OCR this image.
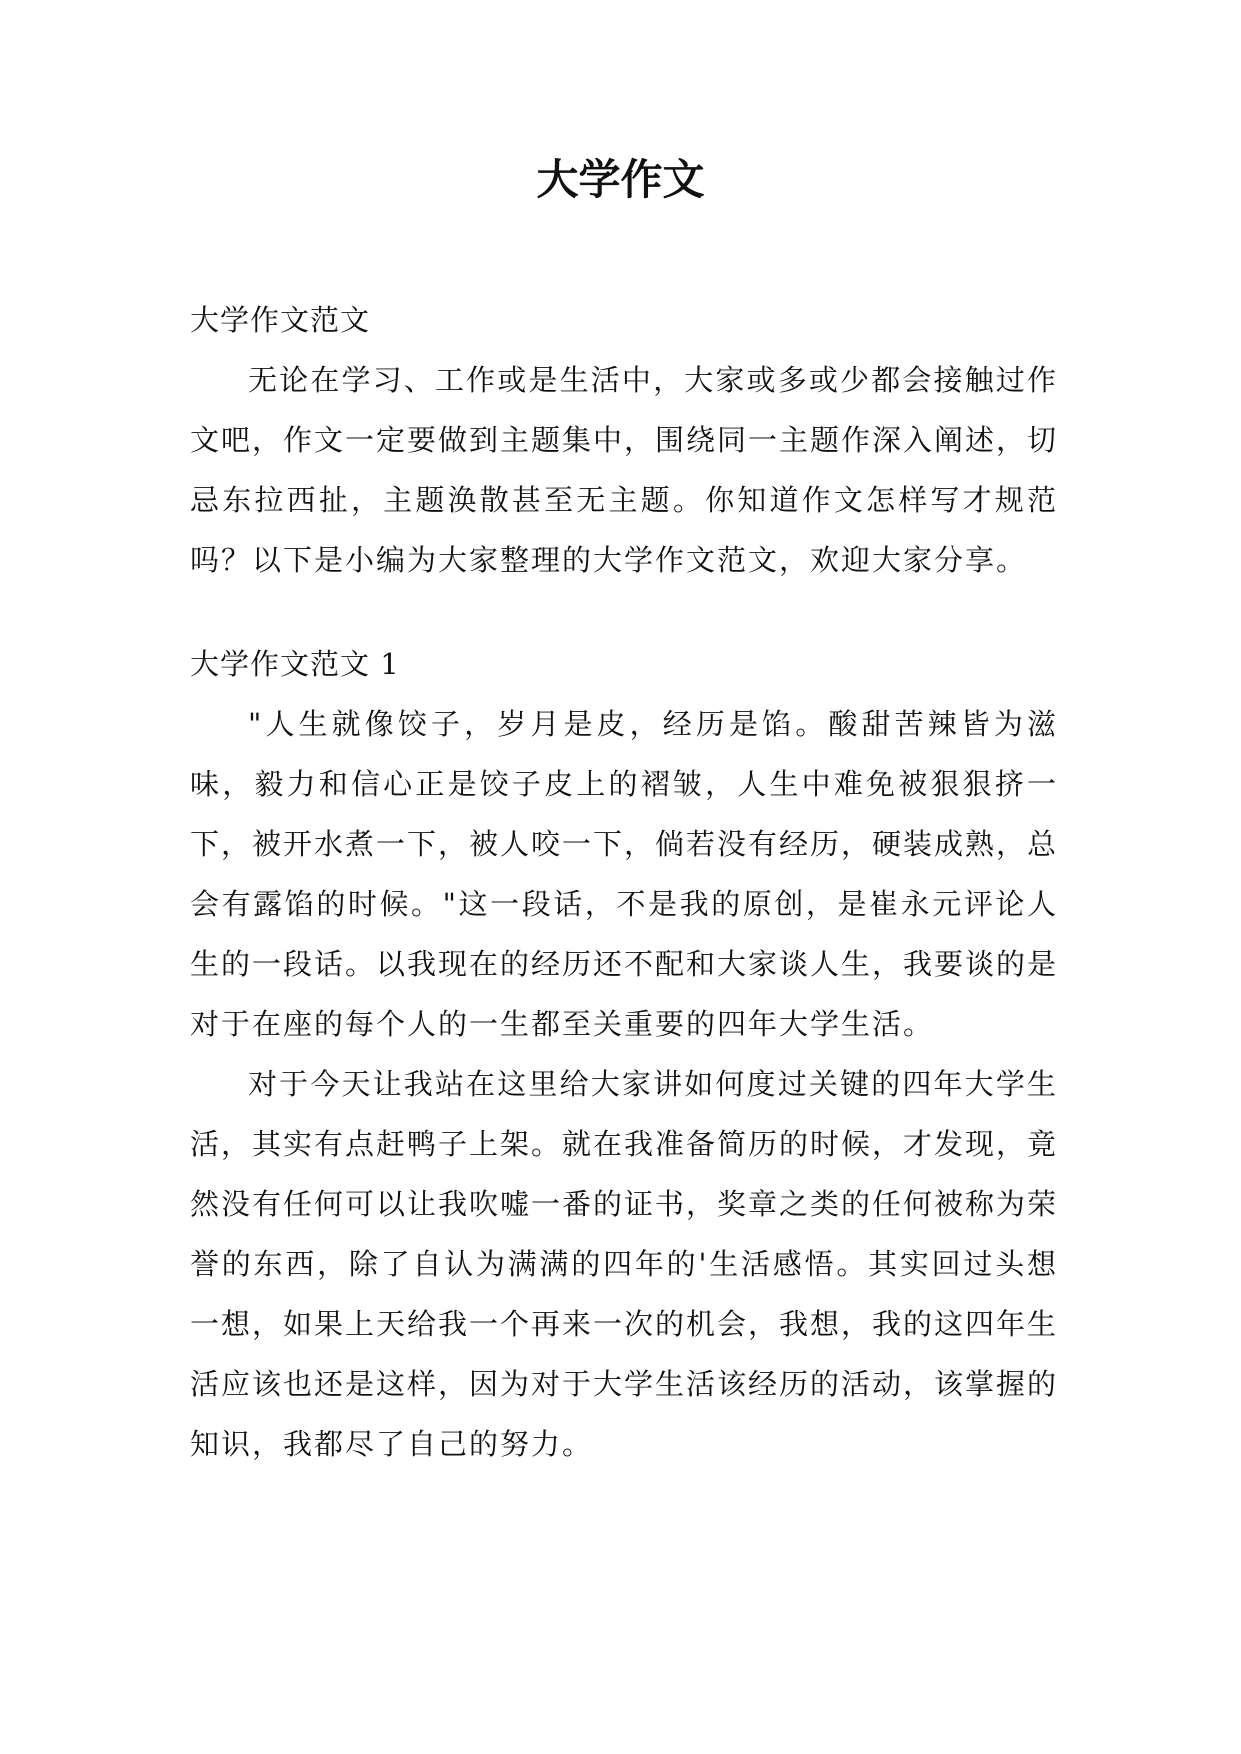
大学作文

大学作文范文

无论在学习、工作或是生活中，大家或多或少都会接触过作文吧，作文一定要做到主题集中，围绕同一主题作深入阐述，切忌东拉西扯，主题涣散甚至无主题。你知道作文怎样写才规范吗？以下是小编为大家整理的大学作文范文，欢迎大家分享。

大学作文范文 1

"人生就像饺子，岁月是皮，经历是馅。酸甜苦辣皆为滋味，毅力和信心正是饺子皮上的褶皱，人生中难免被狠狠挤一下，被开水煮一下，被人咬一下，倘若没有经历，硬装成熟，总会有露馅的时候。"这一段话，不是我的原创，是崔永元评论人生的一段话。以我现在的经历还不配和大家谈人生，我要谈的是对于在座的每个人的一生都至关重要的四年大学生活。

对于今天让我站在这里给大家讲如何度过关键的四年大学生活，其实有点赶鸭子上架。就在我准备简历的时候，才发现，竟然没有任何可以让我吹嘘一番的证书，奖章之类的任何被称为荣誉的东西，除了自认为满满的四年的'生活感悟。其实回过头想一想，如果上天给我一个再来一次的机会，我想，我的这四年生活应该也还是这样，因为对于大学生活该经历的活动，该掌握的知识，我都尽了自己的努力。
